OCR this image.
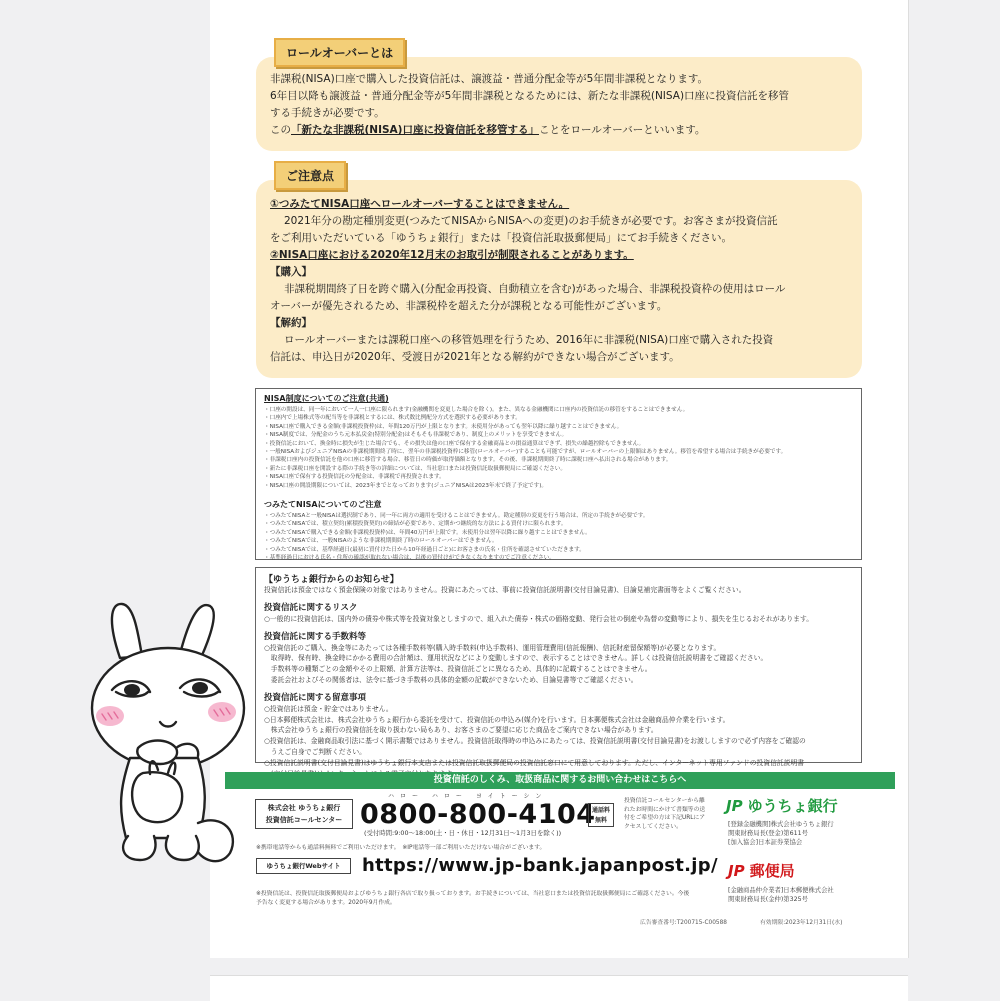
非課税(NISA)口座で購入した投資信託は、譲渡益・普通分配金等が5年間非課税となります。

6年目以降も譲渡益・普通分配金等が5年間非課税となるためには、新たな非課税(NISA)口座に投資信託を移管

する手続きが必要です。

この「新たな非課税(NISA)口座に投資信託を移管する」ことをロールオーバーといいます。

ロールオーバーとは
①つみたてNISA口座へロールオーバーすることはできません。

2021年分の勘定種別変更(つみたてNISAからNISAへの変更)のお手続きが必要です。お客さまが投資信託

をご利用いただいている「ゆうちょ銀行」または「投資信託取扱郵便局」にてお手続きください。

②NISA口座における2020年12月末のお取引が制限されることがあります。

【購入】

非課税期間終了日を跨ぐ購入(分配金再投資、自動積立を含む)があった場合、非課税投資枠の使用はロール

オーバーが優先されるため、非課税枠を超えた分が課税となる可能性がございます。

【解約】

ロールオーバーまたは課税口座への移管処理を行うため、2016年に非課税(NISA)口座で購入された投資

信託は、申込日が2020年、受渡日が2021年となる解約ができない場合がございます。

ご注意点
NISA制度についてのご注意(共通)

・口座の開設は、同一年において一人一口座に限られます(金融機関を変更した場合を除く)。また、異なる金融機関に口座内の投資信託の移管をすることはできません。

・口座内で上場株式等の配当等を非課税とするには、株式数比例配分方式を選択する必要があります。

・NISA口座で購入できる金額(非課税投資枠)は、年間120万円が上限となります。未使用分があっても翌年以降に繰り越すことはできません。

・NISA制度では、分配金のうち元本払戻金(特別分配金)はそもそも非課税であり、制度上のメリットを享受できません。

・投資信託において、換金時に損失が生じた場合でも、その損失は他の口座で保有する金融商品との損益通算はできず、損失の繰越控除もできません。

・一般NISAおよびジュニアNISAの非課税期間終了時に、翌年の非課税投資枠に移管(ロールオーバー)することも可能ですが、ロールオーバーの上限額はありません。移管を希望する場合は手続きが必要です。

・非課税口座内の投資信託を他の口座に移管する場合、移管日の時価が取得価額となります。その後、非課税期間終了時に課税口座へ払出される場合があります。

・新たに非課税口座を開設する際の手続き等の詳細については、当社窓口または投資信託取扱郵便局にご確認ください。

・NISA口座で保有する投資信託の分配金は、非課税で再投資されます。

・NISA口座の開設期限については、2023年までとなっております(ジュニアNISAは2023年末で終了予定です)。

つみたてNISAについてのご注意

・つみたてNISAと一般NISAは選択制であり、同一年に両方の適用を受けることはできません。勘定種別の変更を行う場合は、所定の手続きが必要です。

・つみたてNISAでは、積立契約(累積投資契約)の締結が必要であり、定期かつ継続的な方法による買付けに限られます。

・つみたてNISAで購入できる金額(非課税投資枠)は、年間40万円が上限です。未使用分は翌年以降に繰り越すことはできません。

・つみたてNISAでは、一般NISAのような非課税期間終了時のロールオーバーはできません。

・つみたてNISAでは、基準経過日(最初に買付けた日から10年経過日ごと)にお客さまの氏名・住所を確認させていただきます。

・基準経過日における氏名・住所の確認が取れない場合は、以後の買付けができなくなりますのでご注意ください。

【ゆうちょ銀行からのお知らせ】

投資信託は預金ではなく預金保険の対象ではありません。投資にあたっては、事前に投資信託説明書(交付目論見書)、目論見補完書面等をよくご覧ください。

投資信託に関するリスク

○一般的に投資信託は、国内外の債券や株式等を投資対象としますので、組入れた債券・株式の価格変動、発行会社の倒産や為替の変動等により、損失を生じるおそれがあります。

投資信託に関する手数料等

○投資信託のご購入、換金等にあたっては各種手数料等(購入時手数料(申込手数料)、運用管理費用(信託報酬)、信託財産留保額等)が必要となります。

　取得時、保有時、換金時にかかる費用の合計額は、運用状況などにより変動しますので、表示することはできません。詳しくは投資信託説明書をご確認ください。

　手数料等の種類ごとの金額やその上限額、計算方法等は、投資信託ごとに異なるため、具体的に記載することはできません。

　委託会社およびその関係者は、法令に基づき手数料の具体的金額の記載ができないため、目論見書等でご確認ください。

投資信託に関する留意事項

○投資信託は預金・貯金ではありません。

○日本郵便株式会社は、株式会社ゆうちょ銀行から委託を受けて、投資信託の申込み(媒介)を行います。日本郵便株式会社は金融商品仲介業を行います。

　株式会社ゆうちょ銀行の投資信託を取り扱わない局もあり、お客さまのご要望に応じた商品をご案内できない場合があります。

○投資信託は、金融商品取引法に基づく開示書類ではありません。投資信託取得時の申込みにあたっては、投資信託説明書(交付目論見書)をお渡ししますので必ず内容をご確認の

　うえご自身でご判断ください。

○投資信託説明書(交付目論見書)はゆうちょ銀行本支店または投資信託取扱郵便局の投資信託窓口にて用意しております。ただし、インターネット専用ファンドの投資信託説明書

投資信託のしくみ、取扱商品に関するお問い合わせはこちらへ
株式会社 ゆうちょ銀行
投資信託コールセンター
ハロー ハロー ヨイトーシン
0800-800-4104
(受付時間:9:00～18:00(土・日・休日・12月31日～1月3日を除く))
通話料
無料
投資信託コールセンターから離れたお時間にかけて書類等の送付をご希望の方は下記URLにアクセスしてください。
※携帯電話等からも通話料無料でご利用いただけます。　※IP電話等一部ご利用いただけない場合がございます。
ゆうちょ銀行Webサイト	https://www.jp-bank.japanpost.jp/
JP ゆうちょ銀行
[登録金融機関]株式会社ゆうちょ銀行
関東財務局長(登金)第611号
[加入協会]日本証券業協会
JP 郵便局
[金融商品仲介業者]日本郵便株式会社
関東財務局長(金仲)第325号
※投資信託は、投資信託取扱郵便局およびゆうちょ銀行各店で取り扱っております。お手続きについては、当社窓口または投資信託取扱郵便局にご確認ください。今後
予告なく変更する場合があります。2020年9月作成。
広告審査番号:T200715-C00588	有効期限:2023年12月31日(水)
